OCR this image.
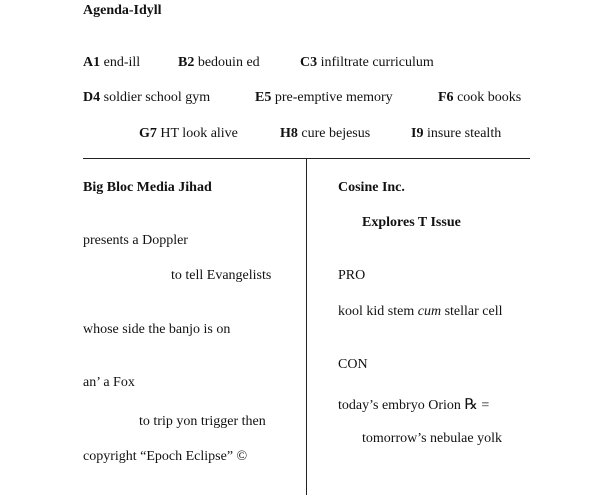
Agenda-Idyll
A1 end-ill	B2 bedouin ed	C3 infiltrate curriculum
D4 soldier school gym	E5 pre-emptive memory	F6 cook books
G7 HT look alive	H8 cure bejesus	I9 insure stealth
Big Bloc Media Jihad
presents a Doppler
to tell Evangelists
whose side the banjo is on
an’ a Fox
to trip yon trigger then
copyright “Epoch Eclipse” ©
Cosine Inc.
Explores T Issue
PRO
kool kid stem cum stellar cell
CON
today’s embryo Orion ℞ =
tomorrow’s nebulae yolk
